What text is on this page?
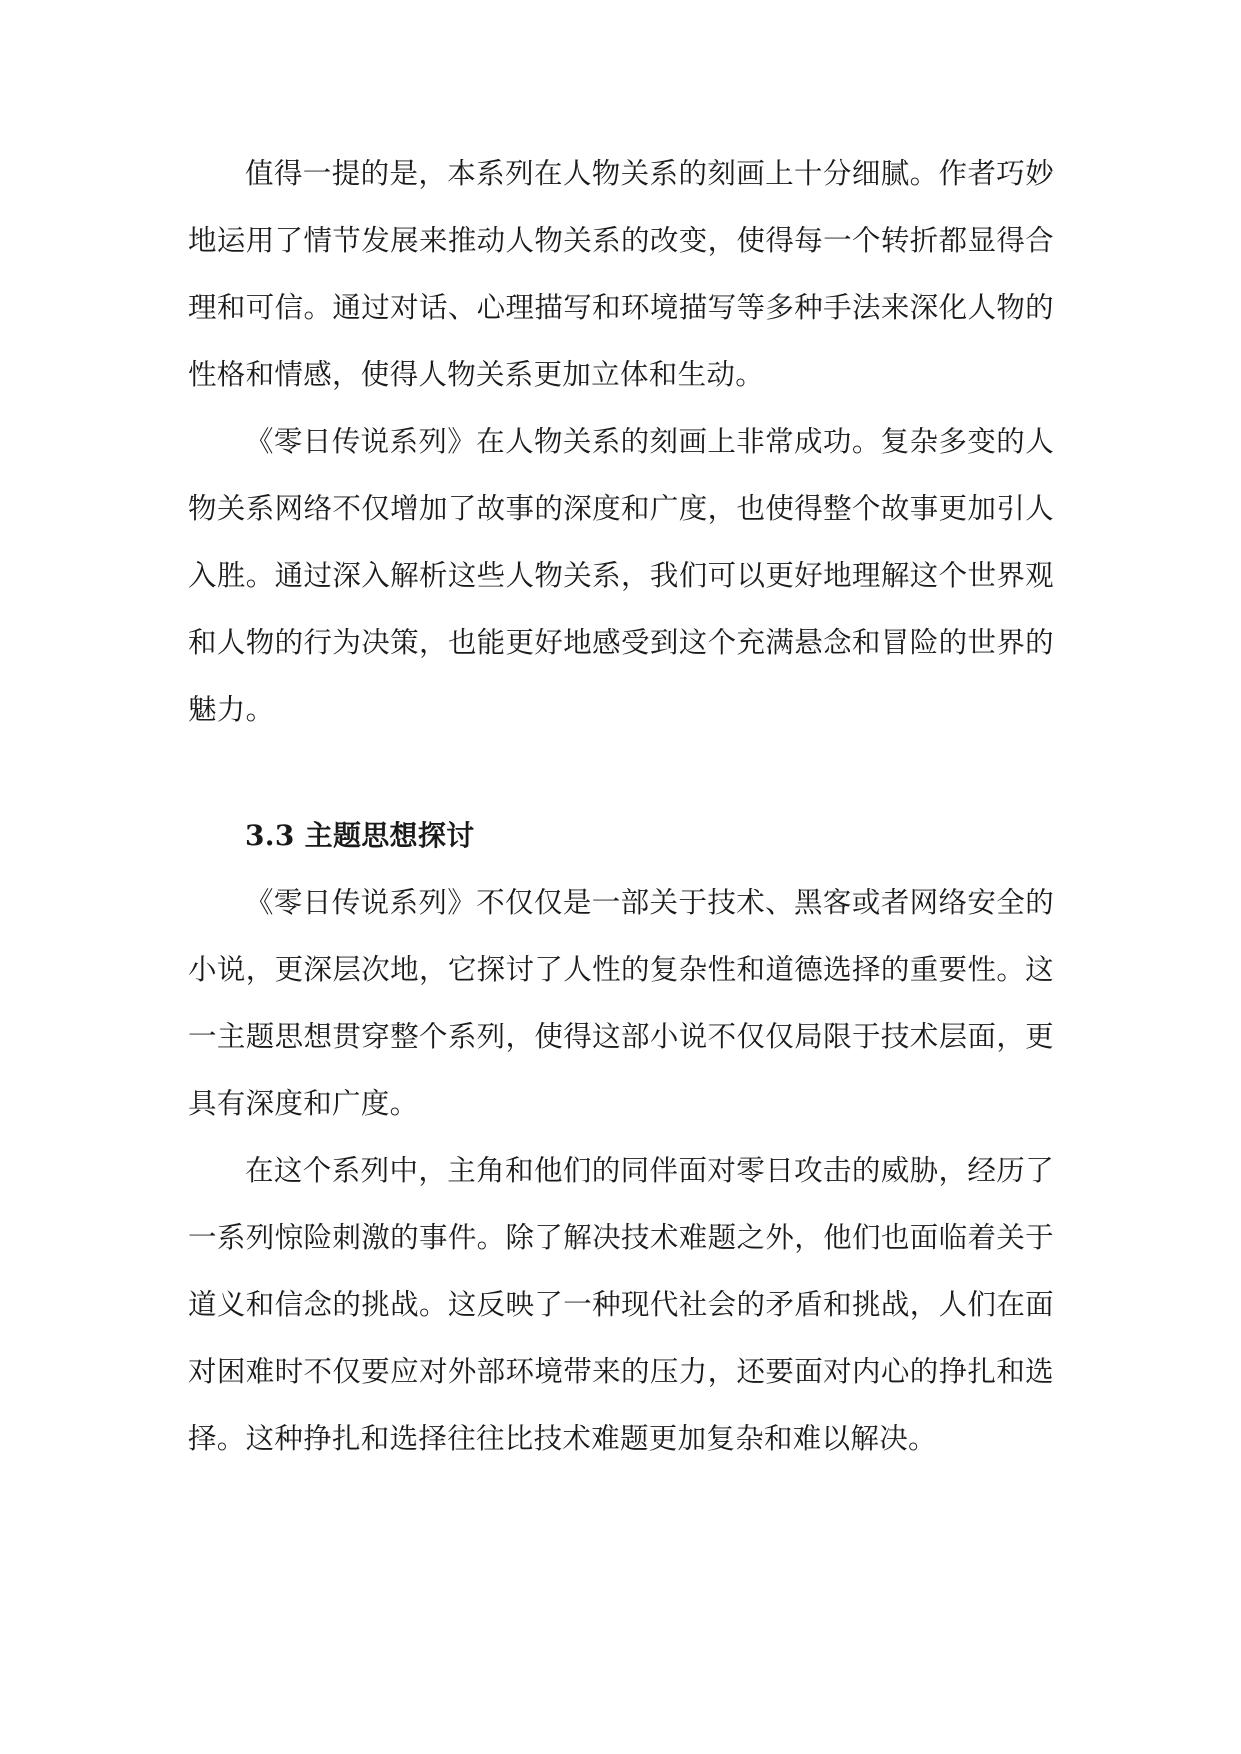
值得一提的是，本系列在人物关系的刻画上十分细腻。作者巧妙地运用了情节发展来推动人物关系的改变，使得每一个转折都显得合理和可信。通过对话、心理描写和环境描写等多种手法来深化人物的性格和情感，使得人物关系更加立体和生动。

《零日传说系列》在人物关系的刻画上非常成功。复杂多变的人物关系网络不仅增加了故事的深度和广度，也使得整个故事更加引人入胜。通过深入解析这些人物关系，我们可以更好地理解这个世界观和人物的行为决策，也能更好地感受到这个充满悬念和冒险的世界的魅力。

3.3 主题思想探讨

《零日传说系列》不仅仅是一部关于技术、黑客或者网络安全的小说，更深层次地，它探讨了人性的复杂性和道德选择的重要性。这一主题思想贯穿整个系列，使得这部小说不仅仅局限于技术层面，更具有深度和广度。

在这个系列中，主角和他们的同伴面对零日攻击的威胁，经历了一系列惊险刺激的事件。除了解决技术难题之外，他们也面临着关于道义和信念的挑战。这反映了一种现代社会的矛盾和挑战，人们在面对困难时不仅要应对外部环境带来的压力，还要面对内心的挣扎和选择。这种挣扎和选择往往比技术难题更加复杂和难以解决。
